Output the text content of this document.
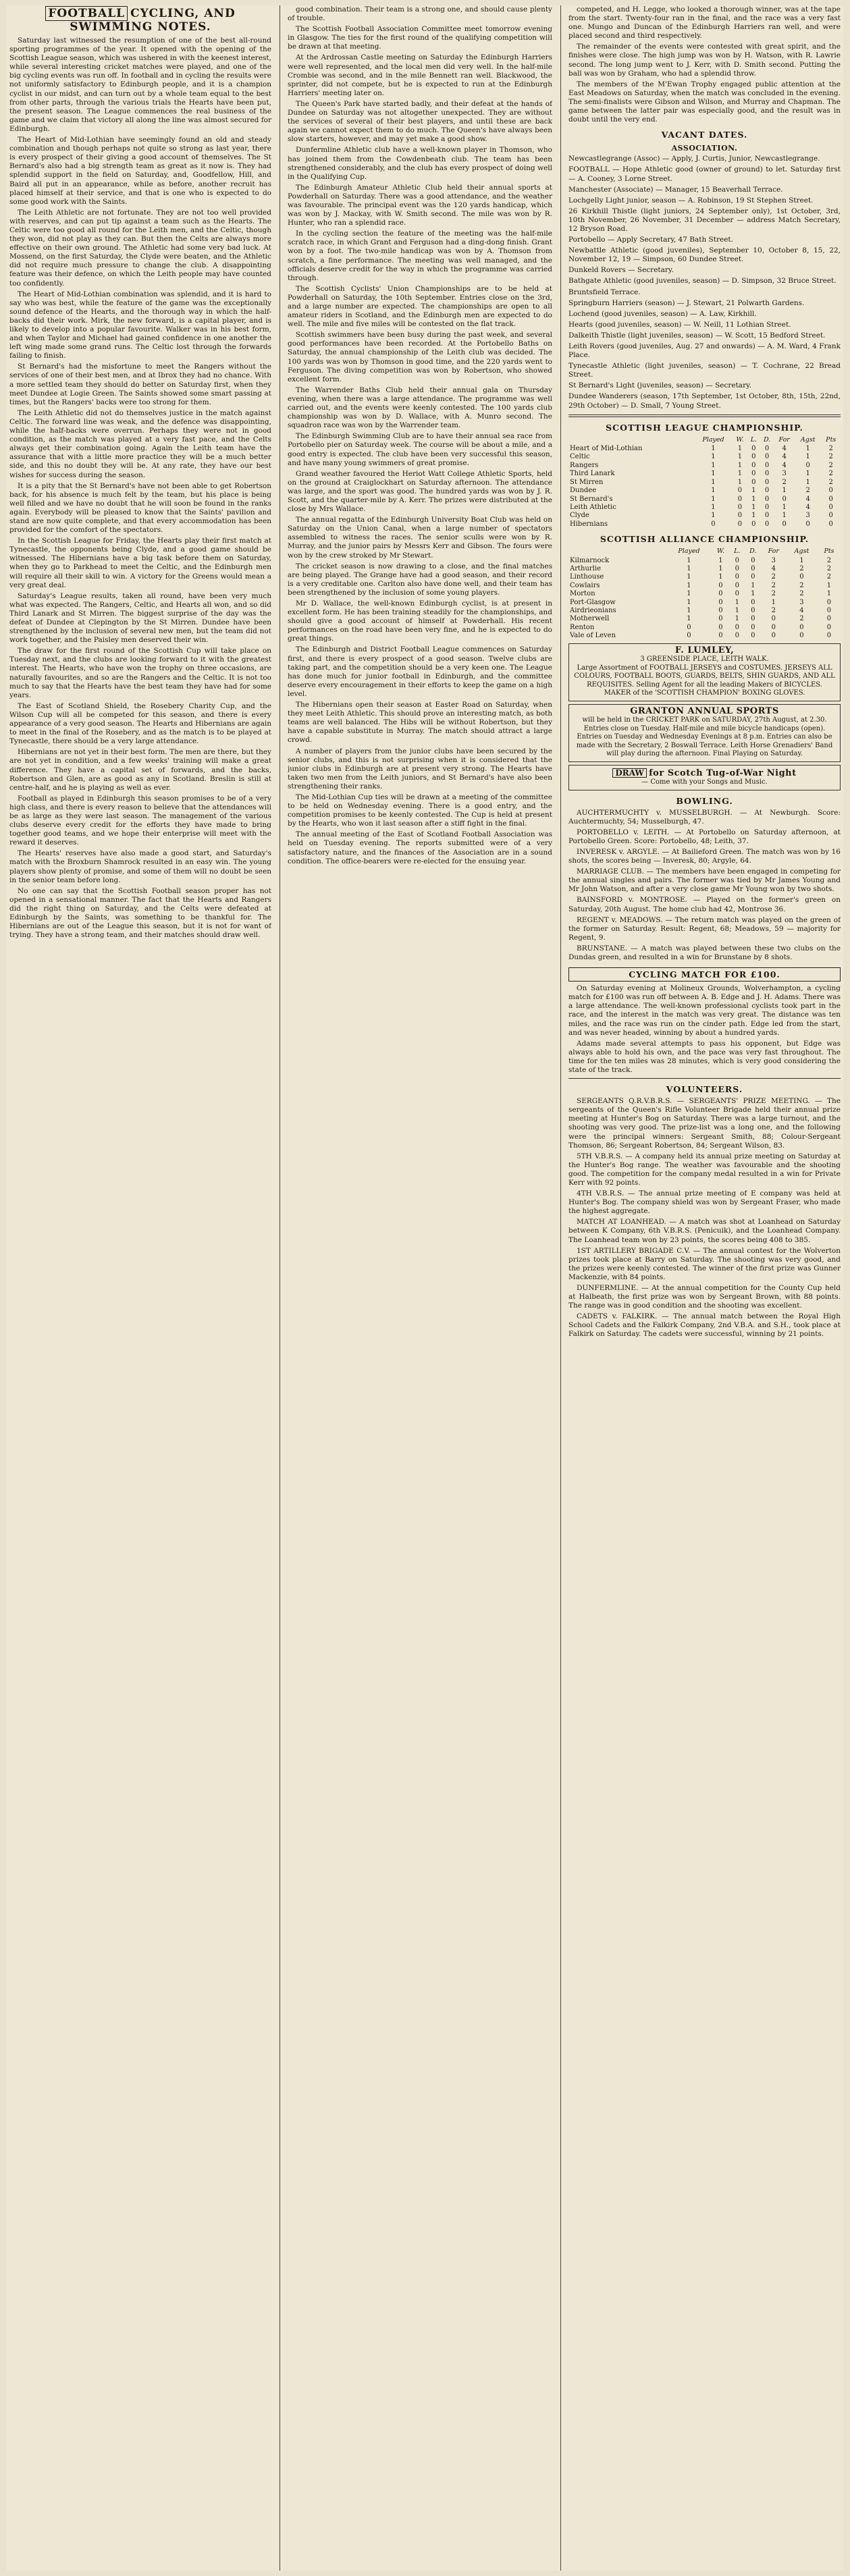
FOOTBALL CYCLING, AND SWIMMING NOTES.

Saturday last witnessed the resumption of one of the best all-round sporting programmes of the year. It opened with the opening of the Scottish League season, which was ushered in with the keenest interest, while several interesting cricket matches were played, and one of the big cycling events was run off. In football and in cycling the results were not uniformly satisfactory to Edinburgh people, and it is a champion cyclist in our midst, and can turn out by a whole team equal to the best from other parts, through the various trials the Hearts have been put, the present season. The League commences the real business of the game and we claim that victory all along the line was almost secured for Edinburgh.

The Heart of Mid-Lothian have seemingly found an old and steady combination and though perhaps not quite so strong as last year, there is every prospect of their giving a good account of themselves. The St Bernard's also had a big strength team as great as it now is. They had splendid support in the field on Saturday, and, Goodfellow, Hill, and Baird all put in an appearance, while as before, another recruit has placed himself at their service, and that is one who is expected to do some good work with the Saints.

The Leith Athletic are not fortunate. They are not too well provided with reserves, and can put tip against a team such as the Hearts. The Celtic were too good all round for the Leith men, and the Celtic, though they won, did not play as they can. But then the Celts are always more effective on their own ground. The Athletic had some very bad luck. At Mossend, on the first Saturday, the Clyde were beaten, and the Athletic did not require much pressure to change the club. A disappointing feature was their defence, on which the Leith people may have counted too confidently.

The Heart of Mid-Lothian combination was splendid, and it is hard to say who was best, while the feature of the game was the exceptionally sound defence of the Hearts, and the thorough way in which the half-backs did their work. Mirk, the new forward, is a capital player, and is likely to develop into a popular favourite. Walker was in his best form, and when Taylor and Michael had gained confidence in one another the left wing made some grand runs. The Celtic lost through the forwards failing to finish.

St Bernard's had the misfortune to meet the Rangers without the services of one of their best men, and at Ibrox they had no chance. With a more settled team they should do better on Saturday first, when they meet Dundee at Logie Green. The Saints showed some smart passing at times, but the Rangers' backs were too strong for them.

The Leith Athletic did not do themselves justice in the match against Celtic. The forward line was weak, and the defence was disappointing, while the half-backs were overrun. Perhaps they were not in good condition, as the match was played at a very fast pace, and the Celts always get their combination going. Again the Leith team have the assurance that with a little more practice they will be a much better side, and this no doubt they will be. At any rate, they have our best wishes for success during the season.

It is a pity that the St Bernard's have not been able to get Robertson back, for his absence is much felt by the team, but his place is being well filled and we have no doubt that he will soon be found in the ranks again. Everybody will be pleased to know that the Saints' pavilion and stand are now quite complete, and that every accommodation has been provided for the comfort of the spectators.

In the Scottish League for Friday, the Hearts play their first match at Tynecastle, the opponents being Clyde, and a good game should be witnessed. The Hibernians have a big task before them on Saturday, when they go to Parkhead to meet the Celtic, and the Edinburgh men will require all their skill to win. A victory for the Greens would mean a very great deal.

Saturday's League results, taken all round, have been very much what was expected. The Rangers, Celtic, and Hearts all won, and so did Third Lanark and St Mirren. The biggest surprise of the day was the defeat of Dundee at Clepington by the St Mirren. Dundee have been strengthened by the inclusion of several new men, but the team did not work together, and the Paisley men deserved their win.

The draw for the first round of the Scottish Cup will take place on Tuesday next, and the clubs are looking forward to it with the greatest interest. The Hearts, who have won the trophy on three occasions, are naturally favourites, and so are the Rangers and the Celtic. It is not too much to say that the Hearts have the best team they have had for some years.

The East of Scotland Shield, the Rosebery Charity Cup, and the Wilson Cup will all be competed for this season, and there is every appearance of a very good season. The Hearts and Hibernians are again to meet in the final of the Rosebery, and as the match is to be played at Tynecastle, there should be a very large attendance.

Hibernians are not yet in their best form. The men are there, but they are not yet in condition, and a few weeks' training will make a great difference. They have a capital set of forwards, and the backs, Robertson and Glen, are as good as any in Scotland. Breslin is still at centre-half, and he is playing as well as ever.

Football as played in Edinburgh this season promises to be of a very high class, and there is every reason to believe that the attendances will be as large as they were last season. The management of the various clubs deserve every credit for the efforts they have made to bring together good teams, and we hope their enterprise will meet with the reward it deserves.

The Hearts' reserves have also made a good start, and Saturday's match with the Broxburn Shamrock resulted in an easy win. The young players show plenty of promise, and some of them will no doubt be seen in the senior team before long.

No one can say that the Scottish Football season proper has not opened in a sensational manner. The fact that the Hearts and Rangers did the right thing on Saturday, and the Celts were defeated at Edinburgh by the Saints, was something to be thankful for. The Hibernians are out of the League this season, but it is not for want of trying. They have a strong team, and their matches should draw well.

good combination. Their team is a strong one, and should cause plenty of trouble.

The Scottish Football Association Committee meet tomorrow evening in Glasgow. The ties for the first round of the qualifying competition will be drawn at that meeting.

At the Ardrossan Castle meeting on Saturday the Edinburgh Harriers were well represented, and the local men did very well. In the half-mile Crombie was second, and in the mile Bennett ran well. Blackwood, the sprinter, did not compete, but he is expected to run at the Edinburgh Harriers' meeting later on.

The Queen's Park have started badly, and their defeat at the hands of Dundee on Saturday was not altogether unexpected. They are without the services of several of their best players, and until these are back again we cannot expect them to do much. The Queen's have always been slow starters, however, and may yet make a good show.

Dunfermline Athletic club have a well-known player in Thomson, who has joined them from the Cowdenbeath club. The team has been strengthened considerably, and the club has every prospect of doing well in the Qualifying Cup.

The Edinburgh Amateur Athletic Club held their annual sports at Powderhall on Saturday. There was a good attendance, and the weather was favourable. The principal event was the 120 yards handicap, which was won by J. Mackay, with W. Smith second. The mile was won by R. Hunter, who ran a splendid race.

In the cycling section the feature of the meeting was the half-mile scratch race, in which Grant and Ferguson had a ding-dong finish. Grant won by a foot. The two-mile handicap was won by A. Thomson from scratch, a fine performance. The meeting was well managed, and the officials deserve credit for the way in which the programme was carried through.

The Scottish Cyclists' Union Championships are to be held at Powderhall on Saturday, the 10th September. Entries close on the 3rd, and a large number are expected. The championships are open to all amateur riders in Scotland, and the Edinburgh men are expected to do well. The mile and five miles will be contested on the flat track.

Scottish swimmers have been busy during the past week, and several good performances have been recorded. At the Portobello Baths on Saturday, the annual championship of the Leith club was decided. The 100 yards was won by Thomson in good time, and the 220 yards went to Ferguson. The diving competition was won by Robertson, who showed excellent form.

The Warrender Baths Club held their annual gala on Thursday evening, when there was a large attendance. The programme was well carried out, and the events were keenly contested. The 100 yards club championship was won by D. Wallace, with A. Munro second. The squadron race was won by the Warrender team.

The Edinburgh Swimming Club are to have their annual sea race from Portobello pier on Saturday week. The course will be about a mile, and a good entry is expected. The club have been very successful this season, and have many young swimmers of great promise.

Grand weather favoured the Heriot Watt College Athletic Sports, held on the ground at Craiglockhart on Saturday afternoon. The attendance was large, and the sport was good. The hundred yards was won by J. R. Scott, and the quarter-mile by A. Kerr. The prizes were distributed at the close by Mrs Wallace.

The annual regatta of the Edinburgh University Boat Club was held on Saturday on the Union Canal, when a large number of spectators assembled to witness the races. The senior sculls were won by R. Murray, and the junior pairs by Messrs Kerr and Gibson. The fours were won by the crew stroked by Mr Stewart.

The cricket season is now drawing to a close, and the final matches are being played. The Grange have had a good season, and their record is a very creditable one. Carlton also have done well, and their team has been strengthened by the inclusion of some young players.

Mr D. Wallace, the well-known Edinburgh cyclist, is at present in excellent form. He has been training steadily for the championships, and should give a good account of himself at Powderhall. His recent performances on the road have been very fine, and he is expected to do great things.

The Edinburgh and District Football League commences on Saturday first, and there is every prospect of a good season. Twelve clubs are taking part, and the competition should be a very keen one. The League has done much for junior football in Edinburgh, and the committee deserve every encouragement in their efforts to keep the game on a high level.

The Hibernians open their season at Easter Road on Saturday, when they meet Leith Athletic. This should prove an interesting match, as both teams are well balanced. The Hibs will be without Robertson, but they have a capable substitute in Murray. The match should attract a large crowd.

A number of players from the junior clubs have been secured by the senior clubs, and this is not surprising when it is considered that the junior clubs in Edinburgh are at present very strong. The Hearts have taken two men from the Leith juniors, and St Bernard's have also been strengthening their ranks.

The Mid-Lothian Cup ties will be drawn at a meeting of the committee to be held on Wednesday evening. There is a good entry, and the competition promises to be keenly contested. The Cup is held at present by the Hearts, who won it last season after a stiff fight in the final.

The annual meeting of the East of Scotland Football Association was held on Tuesday evening. The reports submitted were of a very satisfactory nature, and the finances of the Association are in a sound condition. The office-bearers were re-elected for the ensuing year.

competed, and H. Legge, who looked a thorough winner, was at the tape from the start. Twenty-four ran in the final, and the race was a very fast one. Mungo and Duncan of the Edinburgh Harriers ran well, and were placed second and third respectively.

The remainder of the events were contested with great spirit, and the finishes were close. The high jump was won by H. Watson, with R. Lawrie second. The long jump went to J. Kerr, with D. Smith second. Putting the ball was won by Graham, who had a splendid throw.

The members of the M'Ewan Trophy engaged public attention at the East Meadows on Saturday, when the match was concluded in the evening. The semi-finalists were Gibson and Wilson, and Murray and Chapman. The game between the latter pair was especially good, and the result was in doubt until the very end.

VACANT DATES.
ASSOCIATION.

Newcastlegrange (Assoc) — Apply, J. Curtis, Junior, Newcastlegrange.

FOOTBALL — Hope Athletic good (owner of ground) to let. Saturday first — A. Cooney, 3 Lorne Street.

Manchester (Associate) — Manager, 15 Beaverhall Terrace.

Lochgelly Light junior, season — A. Robinson, 19 St Stephen Street.

26 Kirkhill Thistle (light juniors, 24 September only), 1st October, 3rd, 10th November, 26 November, 31 December — address Match Secretary, 12 Bryson Road.

Portobello — Apply Secretary, 47 Bath Street.

Newbattle Athletic (good juveniles), September 10, October 8, 15, 22, November 12, 19 — Simpson, 60 Dundee Street.

Dunkeld Rovers — Secretary.

Bathgate Athletic (good juveniles, season) — D. Simpson, 32 Bruce Street.

Bruntsfield Terrace.

Springburn Harriers (season) — J. Stewart, 21 Polwarth Gardens.

Lochend (good juveniles, season) — A. Law, Kirkhill.

Hearts (good juveniles, season) — W. Neill, 11 Lothian Street.

Dalkeith Thistle (light juveniles, season) — W. Scott, 15 Bedford Street.

Leith Rovers (good juveniles, Aug. 27 and onwards) — A. M. Ward, 4 Frank Place.

Tynecastle Athletic (light juveniles, season) — T. Cochrane, 22 Bread Street.

St Bernard's Light (juveniles, season) — Secretary.

Dundee Wanderers (season, 17th September, 1st October, 8th, 15th, 22nd, 29th October) — D. Small, 7 Young Street.

SCOTTISH LEAGUE CHAMPIONSHIP.
	Played	W.	L.	D.	For	Agst	Pts
Heart of Mid-Lothian	1	1	0	0	4	1	2
Celtic	1	1	0	0	4	1	2
Rangers	1	1	0	0	4	0	2
Third Lanark	1	1	0	0	3	1	2
St Mirren	1	1	0	0	2	1	2
Dundee	1	0	1	0	1	2	0
St Bernard's	1	0	1	0	0	4	0
Leith Athletic	1	0	1	0	1	4	0
Clyde	1	0	1	0	1	3	0
Hibernians	0	0	0	0	0	0	0
SCOTTISH ALLIANCE CHAMPIONSHIP.
	Played	W.	L.	D.	For	Agst	Pts
Kilmarnock	1	1	0	0	3	1	2
Arthurlie	1	1	0	0	4	2	2
Linthouse	1	1	0	0	2	0	2
Cowlairs	1	0	0	1	2	2	1
Morton	1	0	0	1	2	2	1
Port-Glasgow	1	0	1	0	1	3	0
Airdrieonians	1	0	1	0	2	4	0
Motherwell	1	0	1	0	0	2	0
Renton	0	0	0	0	0	0	0
Vale of Leven	0	0	0	0	0	0	0
F. LUMLEY,
3 GREENSIDE PLACE, LEITH WALK.
Large Assortment of FOOTBALL JERSEYS and COSTUMES. JERSEYS ALL COLOURS, FOOTBALL BOOTS, GUARDS, BELTS, SHIN GUARDS, AND ALL REQUISITES. Selling Agent for all the leading Makers of BICYCLES.
MAKER of the 'SCOTTISH CHAMPION' BOXING GLOVES.
GRANTON ANNUAL SPORTS
will be held in the CRICKET PARK on SATURDAY, 27th August, at 2.30. Entries close on Tuesday. Half-mile and mile bicycle handicaps (open). Entries on Tuesday and Wednesday Evenings at 8 p.m. Entries can also be made with the Secretary, 2 Boswall Terrace. Leith Horse Grenadiers' Band will play during the afternoon. Final Playing on Saturday.
DRAW for Scotch Tug-of-War Night
— Come with your Songs and Music.
BOWLING.

AUCHTERMUCHTY v. MUSSELBURGH. — At Newburgh. Score: Auchtermuchty, 54; Musselburgh, 47.

PORTOBELLO v. LEITH. — At Portobello on Saturday afternoon, at Portobello Green. Score: Portobello, 48; Leith, 37.

INVERESK v. ARGYLE. — At Bailieford Green. The match was won by 16 shots, the scores being — Inveresk, 80; Argyle, 64.

MARRIAGE CLUB. — The members have been engaged in competing for the annual singles and pairs. The former was tied by Mr James Young and Mr John Watson, and after a very close game Mr Young won by two shots.

BAINSFORD v. MONTROSE. — Played on the former's green on Saturday, 20th August. The home club had 42, Montrose 36.

REGENT v. MEADOWS. — The return match was played on the green of the former on Saturday. Result: Regent, 68; Meadows, 59 — majority for Regent, 9.

BRUNSTANE. — A match was played between these two clubs on the Dundas green, and resulted in a win for Brunstane by 8 shots.

CYCLING MATCH FOR £100.

On Saturday evening at Molineux Grounds, Wolverhampton, a cycling match for £100 was run off between A. B. Edge and J. H. Adams. There was a large attendance. The well-known professional cyclists took part in the race, and the interest in the match was very great. The distance was ten miles, and the race was run on the cinder path. Edge led from the start, and was never headed, winning by about a hundred yards.

Adams made several attempts to pass his opponent, but Edge was always able to hold his own, and the pace was very fast throughout. The time for the ten miles was 28 minutes, which is very good considering the state of the track.

VOLUNTEERS.

SERGEANTS Q.R.V.B.R.S. — SERGEANTS' PRIZE MEETING. — The sergeants of the Queen's Rifle Volunteer Brigade held their annual prize meeting at Hunter's Bog on Saturday. There was a large turnout, and the shooting was very good. The prize-list was a long one, and the following were the principal winners: Sergeant Smith, 88; Colour-Sergeant Thomson, 86; Sergeant Robertson, 84; Sergeant Wilson, 83.

5TH V.B.R.S. — A company held its annual prize meeting on Saturday at the Hunter's Bog range. The weather was favourable and the shooting good. The competition for the company medal resulted in a win for Private Kerr with 92 points.

4TH V.B.R.S. — The annual prize meeting of E company was held at Hunter's Bog. The company shield was won by Sergeant Fraser, who made the highest aggregate.

MATCH AT LOANHEAD. — A match was shot at Loanhead on Saturday between K Company, 6th V.B.R.S. (Penicuik), and the Loanhead Company. The Loanhead team won by 23 points, the scores being 408 to 385.

1ST ARTILLERY BRIGADE C.V. — The annual contest for the Wolverton prizes took place at Barry on Saturday. The shooting was very good, and the prizes were keenly contested. The winner of the first prize was Gunner Mackenzie, with 84 points.

DUNFERMLINE. — At the annual competition for the County Cup held at Halbeath, the first prize was won by Sergeant Brown, with 88 points. The range was in good condition and the shooting was excellent.

CADETS v. FALKIRK. — The annual match between the Royal High School Cadets and the Falkirk Company, 2nd V.B.A. and S.H., took place at Falkirk on Saturday. The cadets were successful, winning by 21 points.
